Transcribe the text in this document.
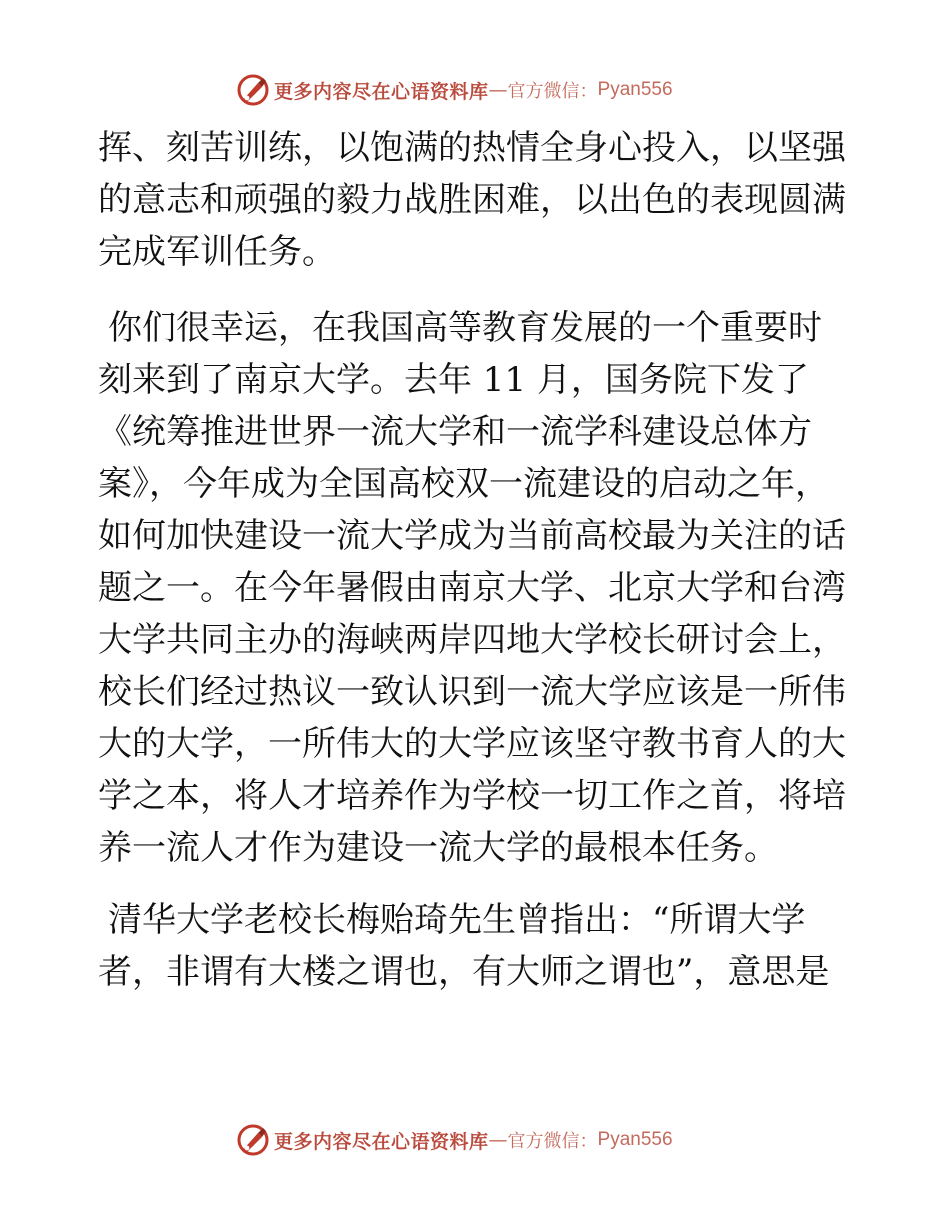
更多内容尽在心语资料库 — 官方微信： Pyan556
挥、刻苦训练，以饱满的热情全身心投入，以坚强
的意志和顽强的毅力战胜困难，以出色的表现圆满
完成军训任务。
你们很幸运，在我国高等教育发展的一个重要时
刻来到了南京大学。去年 11 月，国务院下发了
《统筹推进世界一流大学和一流学科建设总体方
案》，今年成为全国高校双一流建设的启动之年，
如何加快建设一流大学成为当前高校最为关注的话
题之一。在今年暑假由南京大学、北京大学和台湾
大学共同主办的海峡两岸四地大学校长研讨会上，
校长们经过热议一致认识到一流大学应该是一所伟
大的大学，一所伟大的大学应该坚守教书育人的大
学之本，将人才培养作为学校一切工作之首，将培
养一流人才作为建设一流大学的最根本任务。
清华大学老校长梅贻琦先生曾指出：“所谓大学
者，非谓有大楼之谓也，有大师之谓也”，意思是
更多内容尽在心语资料库 — 官方微信： Pyan556
